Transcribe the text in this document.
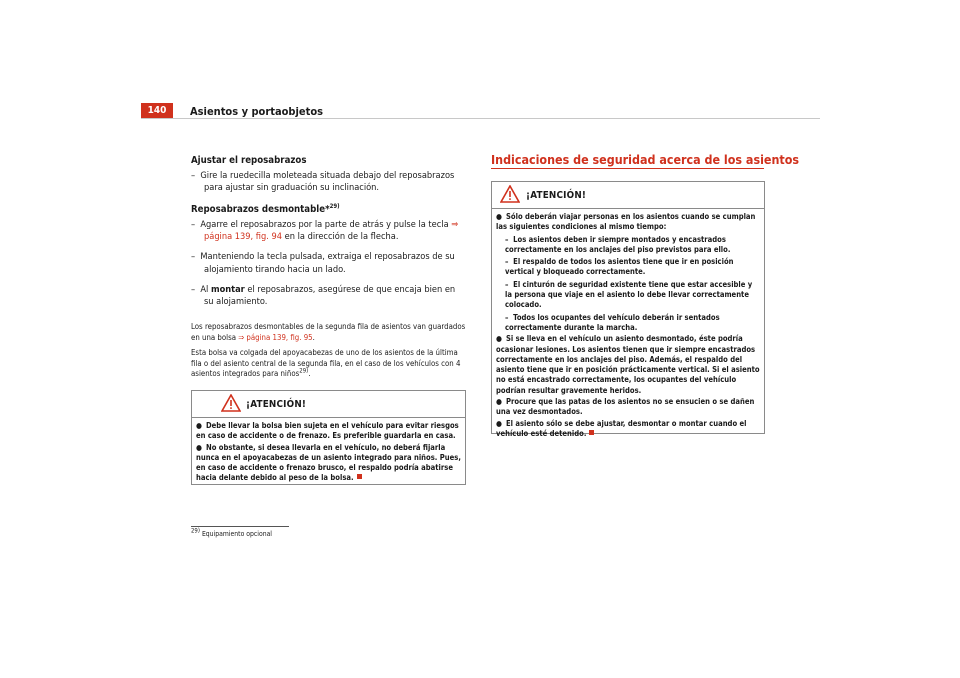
140	Asientos y portaobjetos
Ajustar el reposabrazos
–  Gire la ruedecilla moleteada situada debajo del reposabrazos para ajustar sin graduación su inclinación.
Reposabrazos desmontable*$^{29)}$
–  Agarre el reposabrazos por la parte de atrás y pulse la tecla ⇒ página 139, fig. 94 en la dirección de la flecha.
–  Manteniendo la tecla pulsada, extraiga el reposabrazos de su alojamiento tirando hacia un lado.
–  Al montar el reposabrazos, asegúrese de que encaja bien en su alojamiento.
Los reposabrazos desmontables de la segunda fila de asientos van guardados en una bolsa ⇒ página 139, fig. 95.
Esta bolsa va colgada del apoyacabezas de uno de los asientos de la última fila o del asiento central de la segunda fila, en el caso de los vehículos con 4 asientos integrados para niños$^{29)}$.
¡ATENCIÓN!

● Debe llevar la bolsa bien sujeta en el vehículo para evitar riesgos en caso de accidente o de frenazo. Es preferible guardarla en casa.

● No obstante, si desea llevarla en el vehículo, no deberá fijarla nunca en el apoyacabezas de un asiento integrado para niños. Pues, en caso de accidente o frenazo brusco, el respaldo podría abatirse hacia delante debido al peso de la bolsa.

Indicaciones de seguridad acerca de los asientos
¡ATENCIÓN!

● Sólo deberán viajar personas en los asientos cuando se cumplan las siguientes condiciones al mismo tiempo:

–  Los asientos deben ir siempre montados y encastrados correctamente en los anclajes del piso previstos para ello.
–  El respaldo de todos los asientos tiene que ir en posición vertical y bloqueado correctamente.
–  El cinturón de seguridad existente tiene que estar accesible y la persona que viaje en el asiento lo debe llevar correctamente colocado.
–  Todos los ocupantes del vehículo deberán ir sentados correctamente durante la marcha.

● Si se lleva en el vehículo un asiento desmontado, éste podría ocasionar lesiones. Los asientos tienen que ir siempre encastrados correctamente en los anclajes del piso. Además, el respaldo del asiento tiene que ir en posición prácticamente vertical. Si el asiento no está encastrado correctamente, los ocupantes del vehículo podrían resultar gravemente heridos.

● Procure que las patas de los asientos no se ensucien o se dañen una vez desmontados.

● El asiento sólo se debe ajustar, desmontar o montar cuando el vehículo esté detenido.

$^{29)}$ Equipamiento opcional
